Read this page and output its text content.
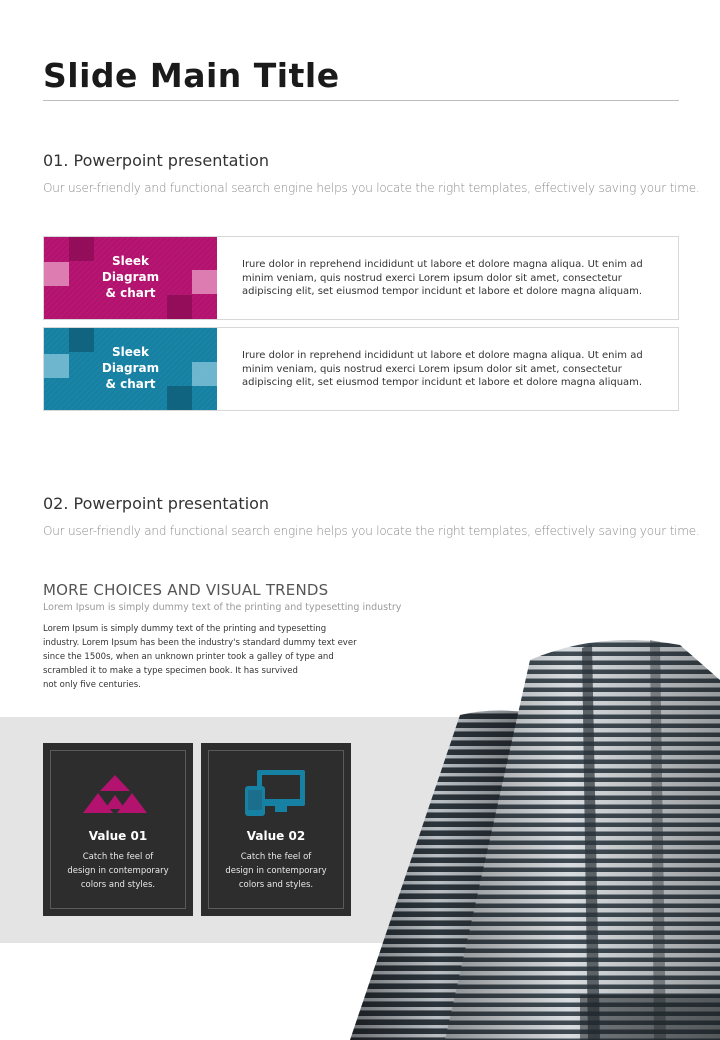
Slide Main Title
01. Powerpoint presentation
Our user-friendly and functional search engine helps you locate the right templates, effectively saving your time.
Sleek
Diagram
& chart
Irure dolor in reprehend incididunt ut labore et dolore magna aliqua. Ut enim ad minim veniam, quis nostrud exerci Lorem ipsum dolor sit amet, consectetur adipiscing elit, set eiusmod tempor incidunt et labore et dolore magna aliquam.
Sleek
Diagram
& chart
Irure dolor in reprehend incididunt ut labore et dolore magna aliqua. Ut enim ad minim veniam, quis nostrud exerci Lorem ipsum dolor sit amet, consectetur adipiscing elit, set eiusmod tempor incidunt et labore et dolore magna aliquam.
02. Powerpoint presentation
Our user-friendly and functional search engine helps you locate the right templates, effectively saving your time.
MORE CHOICES AND VISUAL TRENDS
Lorem Ipsum is simply dummy text of the printing and typesetting industry
Lorem Ipsum is simply dummy text of the printing and typesetting
industry. Lorem Ipsum has been the industry's standard dummy text ever
since the 1500s, when an unknown printer took a galley of type and
scrambled it to make a type specimen book. It has survived
not only five centuries.
Value 01
Catch the feel of
design in contemporary
colors and styles.
Value 02
Catch the feel of
design in contemporary
colors and styles.
